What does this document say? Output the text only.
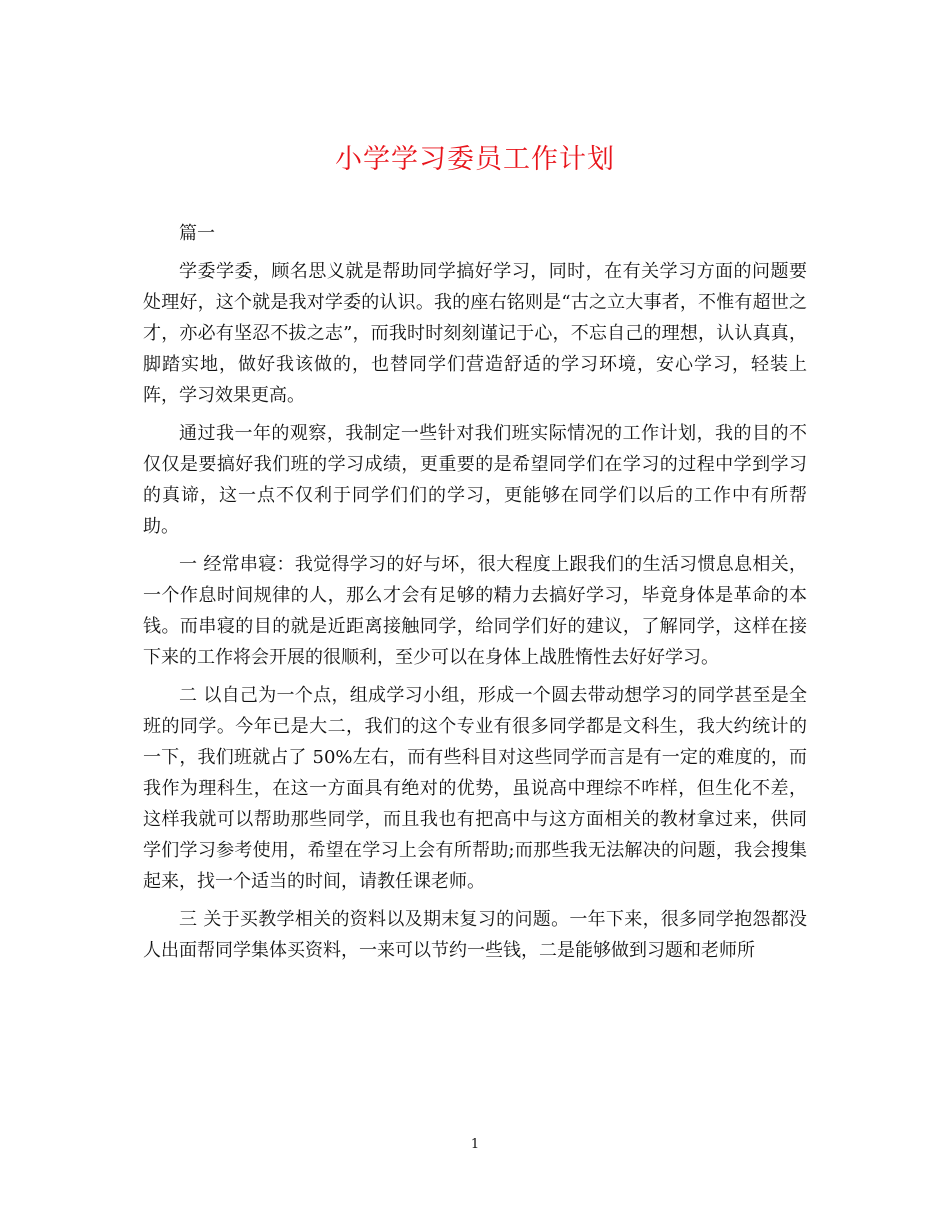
小学学习委员工作计划

篇一

学委学委，顾名思义就是帮助同学搞好学习，同时，在有关学习方面的问题要处理好，这个就是我对学委的认识。我的座右铭则是“古之立大事者，不惟有超世之才，亦必有坚忍不拔之志”，而我时时刻刻谨记于心，不忘自己的理想，认认真真，脚踏实地，做好我该做的，也替同学们营造舒适的学习环境，安心学习，轻装上阵，学习效果更高。

通过我一年的观察，我制定一些针对我们班实际情况的工作计划，我的目的不仅仅是要搞好我们班的学习成绩，更重要的是希望同学们在学习的过程中学到学习的真谛，这一点不仅利于同学们们的学习，更能够在同学们以后的工作中有所帮助。

一 经常串寝：我觉得学习的好与坏，很大程度上跟我们的生活习惯息息相关，一个作息时间规律的人，那么才会有足够的精力去搞好学习，毕竟身体是革命的本钱。而串寝的目的就是近距离接触同学，给同学们好的建议，了解同学，这样在接下来的工作将会开展的很顺利，至少可以在身体上战胜惰性去好好学习。

二 以自己为一个点，组成学习小组，形成一个圆去带动想学习的同学甚至是全班的同学。今年已是大二，我们的这个专业有很多同学都是文科生，我大约统计的一下，我们班就占了 50%左右，而有些科目对这些同学而言是有一定的难度的，而我作为理科生，在这一方面具有绝对的优势，虽说高中理综不咋样，但生化不差，这样我就可以帮助那些同学，而且我也有把高中与这方面相关的教材拿过来，供同学们学习参考使用，希望在学习上会有所帮助;而那些我无法解决的问题，我会搜集起来，找一个适当的时间，请教任课老师。

三 关于买教学相关的资料以及期末复习的问题。一年下来，很多同学抱怨都没人出面帮同学集体买资料，一来可以节约一些钱，二是能够做到习题和老师所

1
